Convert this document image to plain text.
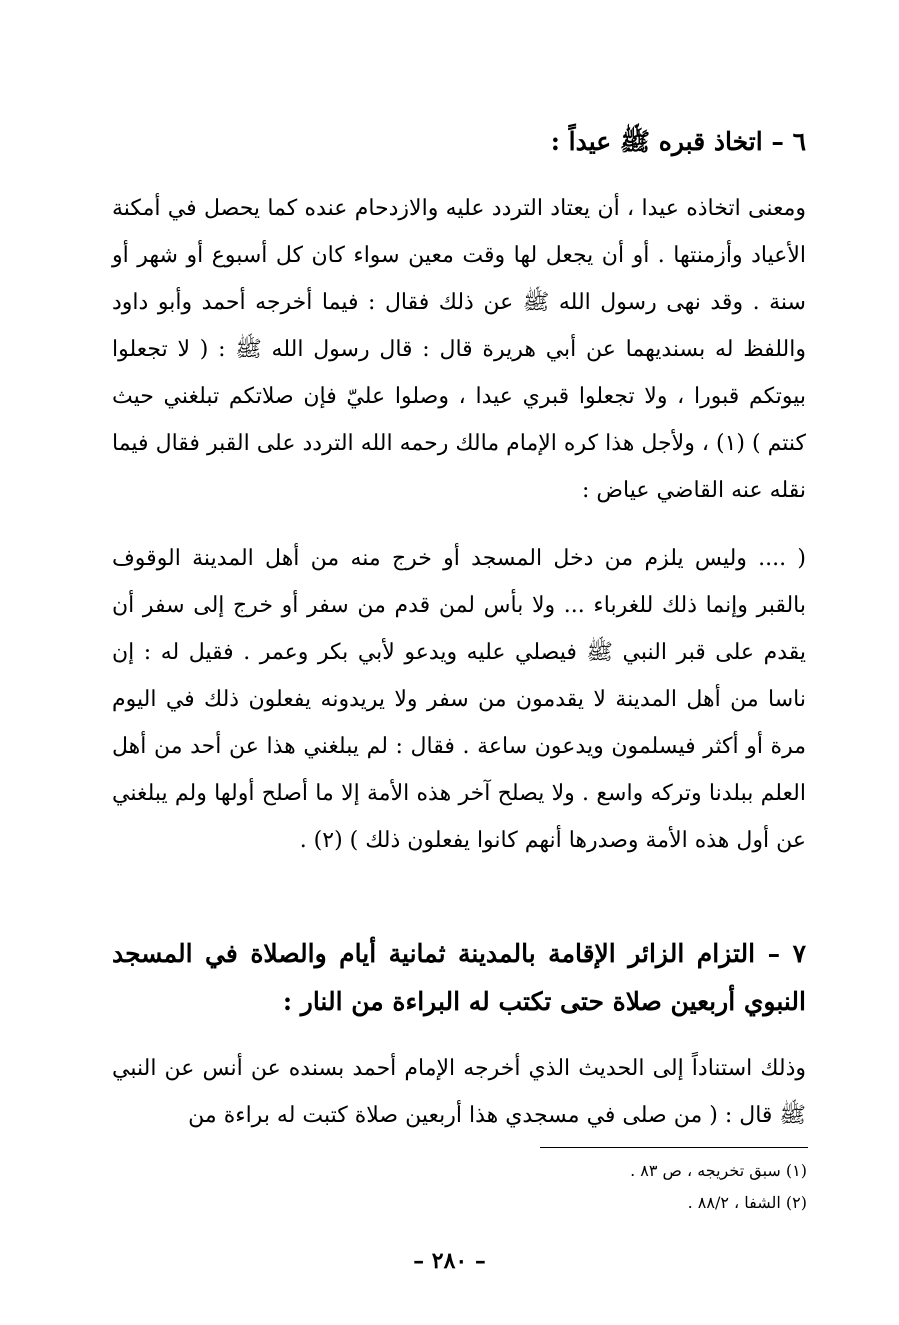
٦ – اتخاذ قبره ﷺ عيداً :
ومعنى اتخاذه عيدا ، أن يعتاد التردد عليه والازدحام عنده كما يحصل في أمكنة الأعياد وأزمنتها . أو أن يجعل لها وقت معين سواء كان كل أسبوع أو شهر أو سنة . وقد نهى رسول الله ﷺ عن ذلك فقال : فيما أخرجه أحمد وأبو داود واللفظ له بسنديهما عن أبي هريرة قال : قال رسول الله ﷺ : ( لا تجعلوا بيوتكم قبورا ، ولا تجعلوا قبري عيدا ، وصلوا عليّ فإن صلاتكم تبلغني حيث كنتم ) (١) ، ولأجل هذا كره الإمام مالك رحمه الله التردد على القبر فقال فيما نقله عنه القاضي عياض :
( .... وليس يلزم من دخل المسجد أو خرج منه من أهل المدينة الوقوف بالقبر وإنما ذلك للغرباء ... ولا بأس لمن قدم من سفر أو خرج إلى سفر أن يقدم على قبر النبي ﷺ فيصلي عليه ويدعو لأبي بكر وعمر . فقيل له : إن ناسا من أهل المدينة لا يقدمون من سفر ولا يريدونه يفعلون ذلك في اليوم مرة أو أكثر فيسلمون ويدعون ساعة . فقال : لم يبلغني هذا عن أحد من أهل العلم ببلدنا وتركه واسع . ولا يصلح آخر هذه الأمة إلا ما أصلح أولها ولم يبلغني عن أول هذه الأمة وصدرها أنهم كانوا يفعلون ذلك ) (٢) .
٧ – التزام الزائر الإقامة بالمدينة ثمانية أيام والصلاة في المسجد النبوي أربعين صلاة حتى تكتب له البراءة من النار :
وذلك استناداً إلى الحديث الذي أخرجه الإمام أحمد بسنده عن أنس عن النبي ﷺ قال : ( من صلى في مسجدي هذا أربعين صلاة كتبت له براءة من
(١) سبق تخريجه ، ص ٨٣ .
(٢) الشفا ، ٨٨/٢ .
– ٢٨٠ –
